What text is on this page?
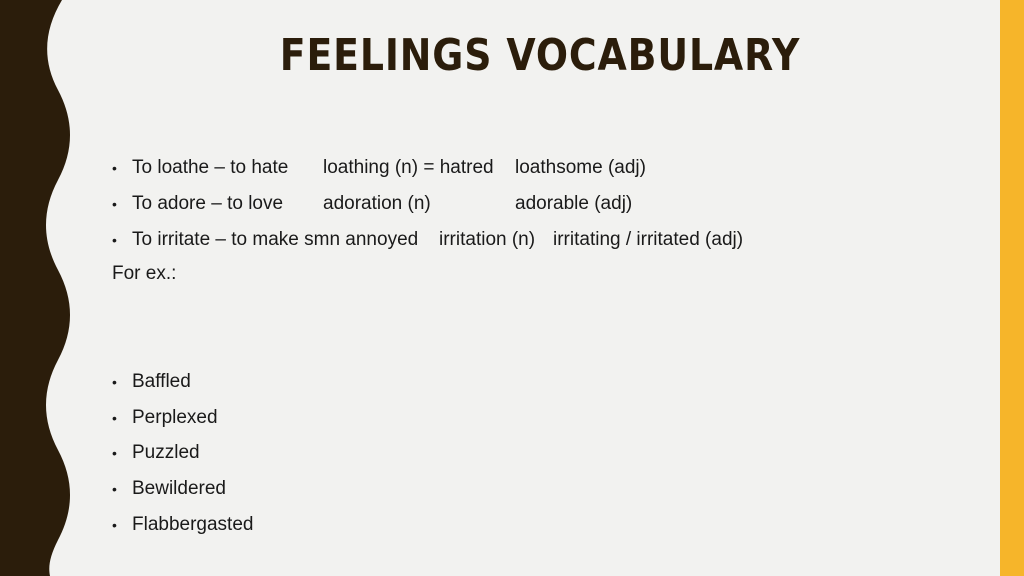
FEELINGS VOCABULARY
• To loathe – to hate loathing (n) = hatred loathsome (adj)
• To adore – to love adoration (n)	adorable (adj)
• To irritate – to make smn annoyed irritation (n) irritating / irritated (adj)
For ex.:
• Baffled
• Perplexed
• Puzzled
• Bewildered
• Flabbergasted
